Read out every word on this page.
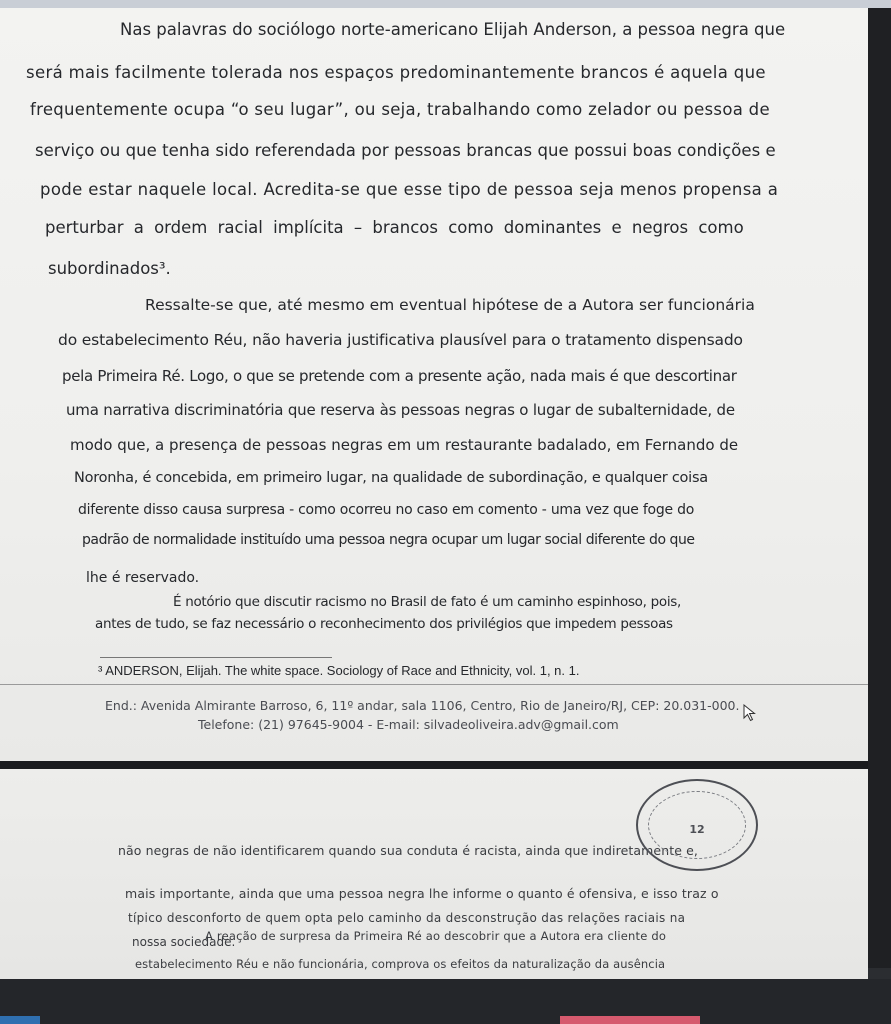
Nas palavras do sociólogo norte-americano Elijah Anderson, a pessoa negra que
será mais facilmente tolerada nos espaços predominantemente brancos é aquela que
frequentemente ocupa “o seu lugar”, ou seja, trabalhando como zelador ou pessoa de
serviço ou que tenha sido referendada por pessoas brancas que possui boas condições e
pode estar naquele local. Acredita-se que esse tipo de pessoa seja menos propensa a
perturbar a ordem racial implícita – brancos como dominantes e negros como
subordinados³.
Ressalte-se que, até mesmo em eventual hipótese de a Autora ser funcionária
do estabelecimento Réu, não haveria justificativa plausível para o tratamento dispensado
pela Primeira Ré. Logo, o que se pretende com a presente ação, nada mais é que descortinar
uma narrativa discriminatória que reserva às pessoas negras o lugar de subalternidade, de
modo que, a presença de pessoas negras em um restaurante badalado, em Fernando de
Noronha, é concebida, em primeiro lugar, na qualidade de subordinação, e qualquer coisa
diferente disso causa surpresa - como ocorreu no caso em comento - uma vez que foge do
padrão de normalidade instituído uma pessoa negra ocupar um lugar social diferente do que
lhe é reservado.
É notório que discutir racismo no Brasil de fato é um caminho espinhoso, pois,
antes de tudo, se faz necessário o reconhecimento dos privilégios que impedem pessoas
³ ANDERSON, Elijah. The white space. Sociology of Race and Ethnicity, vol. 1, n. 1.
End.: Avenida Almirante Barroso, 6, 11º andar, sala 1106, Centro, Rio de Janeiro/RJ, CEP: 20.031-000.
Telefone: (21) 97645-9004 - E-mail: silvadeoliveira.adv@gmail.com
não negras de não identificarem quando sua conduta é racista, ainda que indiretamente e,
mais importante, ainda que uma pessoa negra lhe informe o quanto é ofensiva, e isso traz o
típico desconforto de quem opta pelo caminho da desconstrução das relações raciais na
nossa sociedade.
A reação de surpresa da Primeira Ré ao descobrir que a Autora era cliente do
estabelecimento Réu e não funcionária, comprova os efeitos da naturalização da ausência
12
